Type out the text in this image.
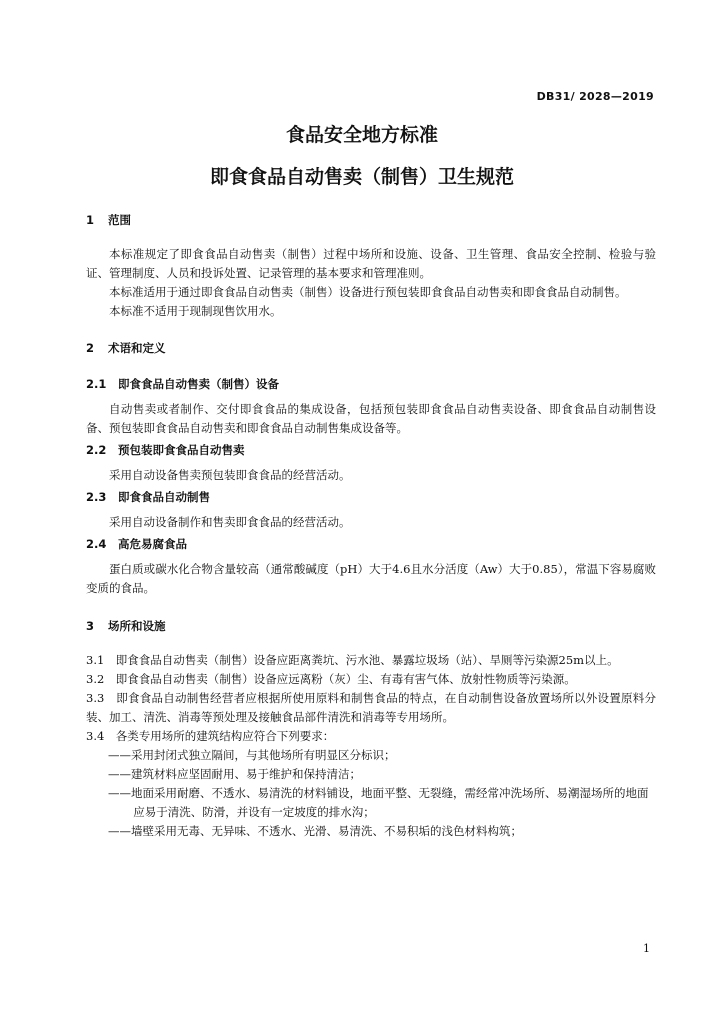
DB31/ 2028—2019
食品安全地方标准
即食食品自动售卖（制售）卫生规范
1 范围
本标准规定了即食食品自动售卖（制售）过程中场所和设施、设备、卫生管理、食品安全控制、检验与验证、管理制度、人员和投诉处置、记录管理的基本要求和管理准则。
本标准适用于通过即食食品自动售卖（制售）设备进行预包装即食食品自动售卖和即食食品自动制售。
本标准不适用于现制现售饮用水。
2 术语和定义
2.1 即食食品自动售卖（制售）设备
自动售卖或者制作、交付即食食品的集成设备，包括预包装即食食品自动售卖设备、即食食品自动制售设备、预包装即食食品自动售卖和即食食品自动制售集成设备等。
2.2 预包装即食食品自动售卖
采用自动设备售卖预包装即食食品的经营活动。
2.3 即食食品自动制售
采用自动设备制作和售卖即食食品的经营活动。
2.4 高危易腐食品
蛋白质或碳水化合物含量较高（通常酸碱度（pH）大于4.6且水分活度（Aw）大于0.85），常温下容易腐败变质的食品。
3 场所和设施
3.1　即食食品自动售卖（制售）设备应距离粪坑、污水池、暴露垃圾场（站）、旱厕等污染源25m以上。
3.2　即食食品自动售卖（制售）设备应远离粉（灰）尘、有毒有害气体、放射性物质等污染源。
3.3　即食食品自动制售经营者应根据所使用原料和制售食品的特点，在自动制售设备放置场所以外设置原料分装、加工、清洗、消毒等预处理及接触食品部件清洗和消毒等专用场所。
3.4　各类专用场所的建筑结构应符合下列要求：
——采用封闭式独立隔间，与其他场所有明显区分标识；
——建筑材料应坚固耐用、易于维护和保持清洁；
——地面采用耐磨、不透水、易清洗的材料铺设，地面平整、无裂缝，需经常冲洗场所、易潮湿场所的地面应易于清洗、防滑，并设有一定坡度的排水沟；
——墙壁采用无毒、无异味、不透水、光滑、易清洗、不易积垢的浅色材料构筑；
1
